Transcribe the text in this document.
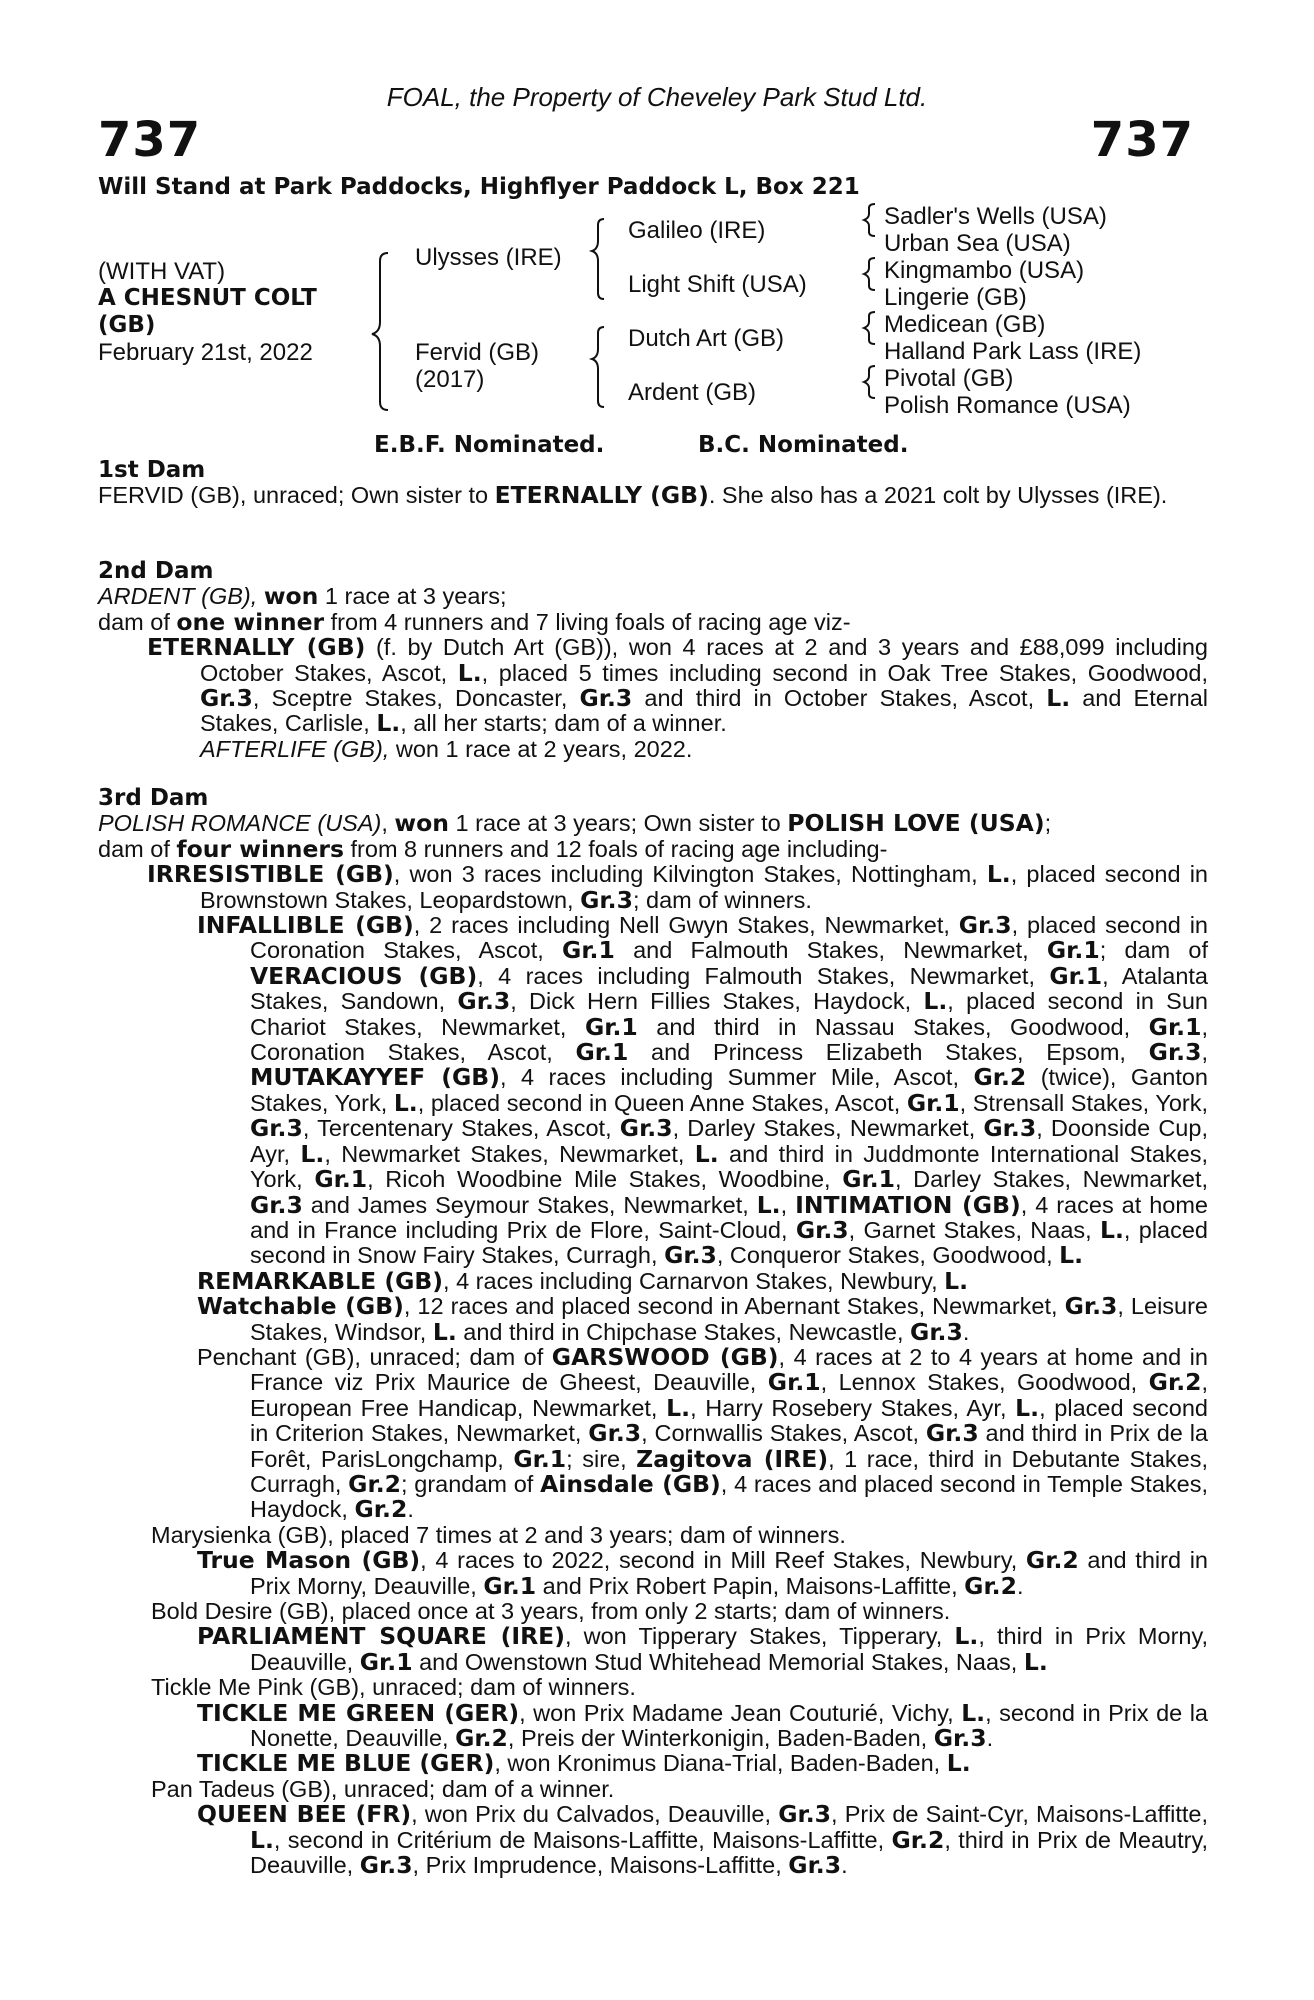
FOAL, the Property of Cheveley Park Stud Ltd.
737	737
Will Stand at Park Paddocks, Highflyer Paddock L, Box 221
(WITH VAT)
A CHESNUT COLT
(GB)
February 21st, 2022
Ulysses (IRE)
Fervid (GB)
(2017)
Galileo (IRE)
Light Shift (USA)
Dutch Art (GB)
Ardent (GB)
Sadler's Wells (USA)
Urban Sea (USA)
Kingmambo (USA)
Lingerie (GB)
Medicean (GB)
Halland Park Lass (IRE)
Pivotal (GB)
Polish Romance (USA)
E.B.F. Nominated.	B.C. Nominated.

1st Dam

FERVID (GB), unraced; Own sister to ETERNALLY (GB). She also has a 2021 colt by Ulysses (IRE).

2nd Dam

ARDENT (GB), won 1 race at 3 years;

dam of one winner from 4 runners and 7 living foals of racing age viz-

ETERNALLY (GB) (f. by Dutch Art (GB)), won 4 races at 2 and 3 years and £88,099 including October Stakes, Ascot, L., placed 5 times including second in Oak Tree Stakes, Goodwood, Gr.3, Sceptre Stakes, Doncaster, Gr.3 and third in October Stakes, Ascot, L. and Eternal Stakes, Carlisle, L., all her starts; dam of a winner.

AFTERLIFE (GB), won 1 race at 2 years, 2022.

3rd Dam

POLISH ROMANCE (USA), won 1 race at 3 years; Own sister to POLISH LOVE (USA);

dam of four winners from 8 runners and 12 foals of racing age including-

IRRESISTIBLE (GB), won 3 races including Kilvington Stakes, Nottingham, L., placed second in Brownstown Stakes, Leopardstown, Gr.3; dam of winners.

INFALLIBLE (GB), 2 races including Nell Gwyn Stakes, Newmarket, Gr.3, placed second in Coronation Stakes, Ascot, Gr.1 and Falmouth Stakes, Newmarket, Gr.1; dam of VERACIOUS (GB), 4 races including Falmouth Stakes, Newmarket, Gr.1, Atalanta Stakes, Sandown, Gr.3, Dick Hern Fillies Stakes, Haydock, L., placed second in Sun Chariot Stakes, Newmarket, Gr.1 and third in Nassau Stakes, Goodwood, Gr.1, Coronation Stakes, Ascot, Gr.1 and Princess Elizabeth Stakes, Epsom, Gr.3, MUTAKAYYEF (GB), 4 races including Summer Mile, Ascot, Gr.2 (twice), Ganton Stakes, York, L., placed second in Queen Anne Stakes, Ascot, Gr.1, Strensall Stakes, York, Gr.3, Tercentenary Stakes, Ascot, Gr.3, Darley Stakes, Newmarket, Gr.3, Doonside Cup, Ayr, L., Newmarket Stakes, Newmarket, L. and third in Juddmonte International Stakes, York, Gr.1, Ricoh Woodbine Mile Stakes, Woodbine, Gr.1, Darley Stakes, Newmarket, Gr.3 and James Seymour Stakes, Newmarket, L., INTIMATION (GB), 4 races at home and in France including Prix de Flore, Saint-Cloud, Gr.3, Garnet Stakes, Naas, L., placed second in Snow Fairy Stakes, Curragh, Gr.3, Conqueror Stakes, Goodwood, L.

REMARKABLE (GB), 4 races including Carnarvon Stakes, Newbury, L.

Watchable (GB), 12 races and placed second in Abernant Stakes, Newmarket, Gr.3, Leisure Stakes, Windsor, L. and third in Chipchase Stakes, Newcastle, Gr.3.

Penchant (GB), unraced; dam of GARSWOOD (GB), 4 races at 2 to 4 years at home and in France viz Prix Maurice de Gheest, Deauville, Gr.1, Lennox Stakes, Goodwood, Gr.2, European Free Handicap, Newmarket, L., Harry Rosebery Stakes, Ayr, L., placed second in Criterion Stakes, Newmarket, Gr.3, Cornwallis Stakes, Ascot, Gr.3 and third in Prix de la Forêt, ParisLongchamp, Gr.1; sire, Zagitova (IRE), 1 race, third in Debutante Stakes, Curragh, Gr.2; grandam of Ainsdale (GB), 4 races and placed second in Temple Stakes, Haydock, Gr.2.

Marysienka (GB), placed 7 times at 2 and 3 years; dam of winners.

True Mason (GB), 4 races to 2022, second in Mill Reef Stakes, Newbury, Gr.2 and third in Prix Morny, Deauville, Gr.1 and Prix Robert Papin, Maisons-Laffitte, Gr.2.

Bold Desire (GB), placed once at 3 years, from only 2 starts; dam of winners.

PARLIAMENT SQUARE (IRE), won Tipperary Stakes, Tipperary, L., third in Prix Morny, Deauville, Gr.1 and Owenstown Stud Whitehead Memorial Stakes, Naas, L.

Tickle Me Pink (GB), unraced; dam of winners.

TICKLE ME GREEN (GER), won Prix Madame Jean Couturié, Vichy, L., second in Prix de la Nonette, Deauville, Gr.2, Preis der Winterkonigin, Baden-Baden, Gr.3.

TICKLE ME BLUE (GER), won Kronimus Diana-Trial, Baden-Baden, L.

Pan Tadeus (GB), unraced; dam of a winner.

QUEEN BEE (FR), won Prix du Calvados, Deauville, Gr.3, Prix de Saint-Cyr, Maisons-Laffitte, L., second in Critérium de Maisons-Laffitte, Maisons-Laffitte, Gr.2, third in Prix de Meautry, Deauville, Gr.3, Prix Imprudence, Maisons-Laffitte, Gr.3.
